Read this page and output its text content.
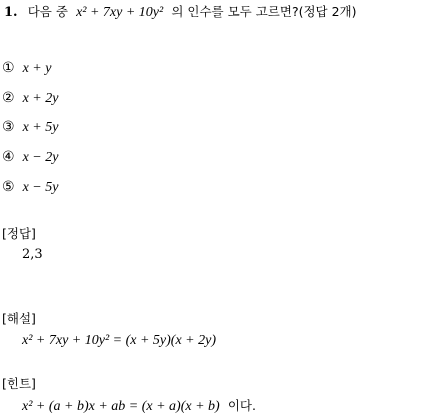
1. 다음 중 x² + 7xy + 10y² 의 인수를 모두 고르면?(정답 2개)
① x + y
② x + 2y
③ x + 5y
④ x − 2y
⑤ x − 5y
[정답]
2,3
[해설]
x² + 7xy + 10y² = (x + 5y)(x + 2y)
[힌트]
x² + (a + b)x + ab = (x + a)(x + b) 이다.
